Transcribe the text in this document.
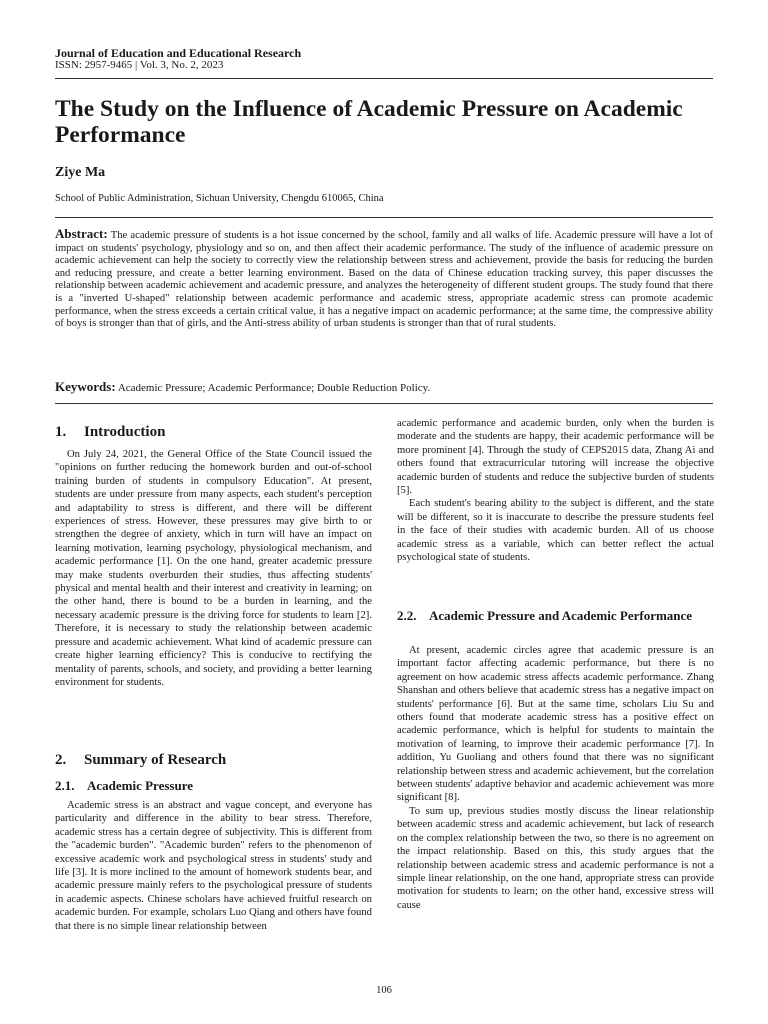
Journal of Education and Educational Research
ISSN: 2957-9465 | Vol. 3, No. 2, 2023
The Study on the Influence of Academic Pressure on Academic Performance
Ziye Ma
School of Public Administration, Sichuan University, Chengdu 610065, China
Abstract: The academic pressure of students is a hot issue concerned by the school, family and all walks of life. Academic pressure will have a lot of impact on students' psychology, physiology and so on, and then affect their academic performance. The study of the influence of academic pressure on academic achievement can help the society to correctly view the relationship between stress and achievement, provide the basis for reducing the burden and reducing pressure, and create a better learning environment. Based on the data of Chinese education tracking survey, this paper discusses the relationship between academic achievement and academic pressure, and analyzes the heterogeneity of different student groups. The study found that there is a "inverted U-shaped" relationship between academic performance and academic stress, appropriate academic stress can promote academic performance, when the stress exceeds a certain critical value, it has a negative impact on academic performance; at the same time, the compressive ability of boys is stronger than that of girls, and the Anti-stress ability of urban students is stronger than that of rural students.
Keywords: Academic Pressure; Academic Performance; Double Reduction Policy.
1. Introduction

On July 24, 2021, the General Office of the State Council issued the "opinions on further reducing the homework burden and out-of-school training burden of students in compulsory Education". At present, students are under pressure from many aspects, each student's perception and adaptability to stress is different, and there will be different experiences of stress. However, these pressures may give birth to or strengthen the degree of anxiety, which in turn will have an impact on learning motivation, learning psychology, physiological mechanism, and academic performance [1]. On the one hand, greater academic pressure may make students overburden their studies, thus affecting students' physical and mental health and their interest and creativity in learning; on the other hand, there is bound to be a burden in learning, and the necessary academic pressure is the driving force for students to learn [2]. Therefore, it is necessary to study the relationship between academic pressure and academic achievement. What kind of academic pressure can create higher learning efficiency? This is conducive to rectifying the mentality of parents, schools, and society, and providing a better learning environment for students.

2. Summary of Research
2.1. Academic Pressure

Academic stress is an abstract and vague concept, and everyone has particularity and difference in the ability to bear stress. Therefore, academic stress has a certain degree of subjectivity. This is different from the "academic burden". "Academic burden" refers to the phenomenon of excessive academic work and psychological stress in students' study and life [3]. It is more inclined to the amount of homework students bear, and academic pressure mainly refers to the psychological pressure of students in academic aspects. Chinese scholars have achieved fruitful research on academic burden. For example, scholars Luo Qiang and others have found that there is no simple linear relationship between

academic performance and academic burden, only when the burden is moderate and the students are happy, their academic performance will be more prominent [4]. Through the study of CEPS2015 data, Zhang Ai and others found that extracurricular tutoring will increase the objective academic burden of students and reduce the subjective burden of students [5].

Each student's bearing ability to the subject is different, and the state will be different, so it is inaccurate to describe the pressure students feel in the face of their studies with academic burden. All of us choose academic stress as a variable, which can better reflect the actual psychological state of students.

2.2. Academic Pressure and Academic Performance

At present, academic circles agree that academic pressure is an important factor affecting academic performance, but there is no agreement on how academic stress affects academic performance. Zhang Shanshan and others believe that academic stress has a negative impact on students' performance [6]. But at the same time, scholars Liu Su and others found that moderate academic stress has a positive effect on academic performance, which is helpful for students to maintain the motivation of learning, to improve their academic performance [7]. In addition, Yu Guoliang and others found that there was no significant relationship between stress and academic achievement, but the correlation between students' adaptive behavior and academic achievement was more significant [8].

To sum up, previous studies mostly discuss the linear relationship between academic stress and academic achievement, but lack of research on the complex relationship between the two, so there is no agreement on the impact relationship. Based on this, this study argues that the relationship between academic stress and academic performance is not a simple linear relationship, on the one hand, appropriate stress can provide motivation for students to learn; on the other hand, excessive stress will cause

106
